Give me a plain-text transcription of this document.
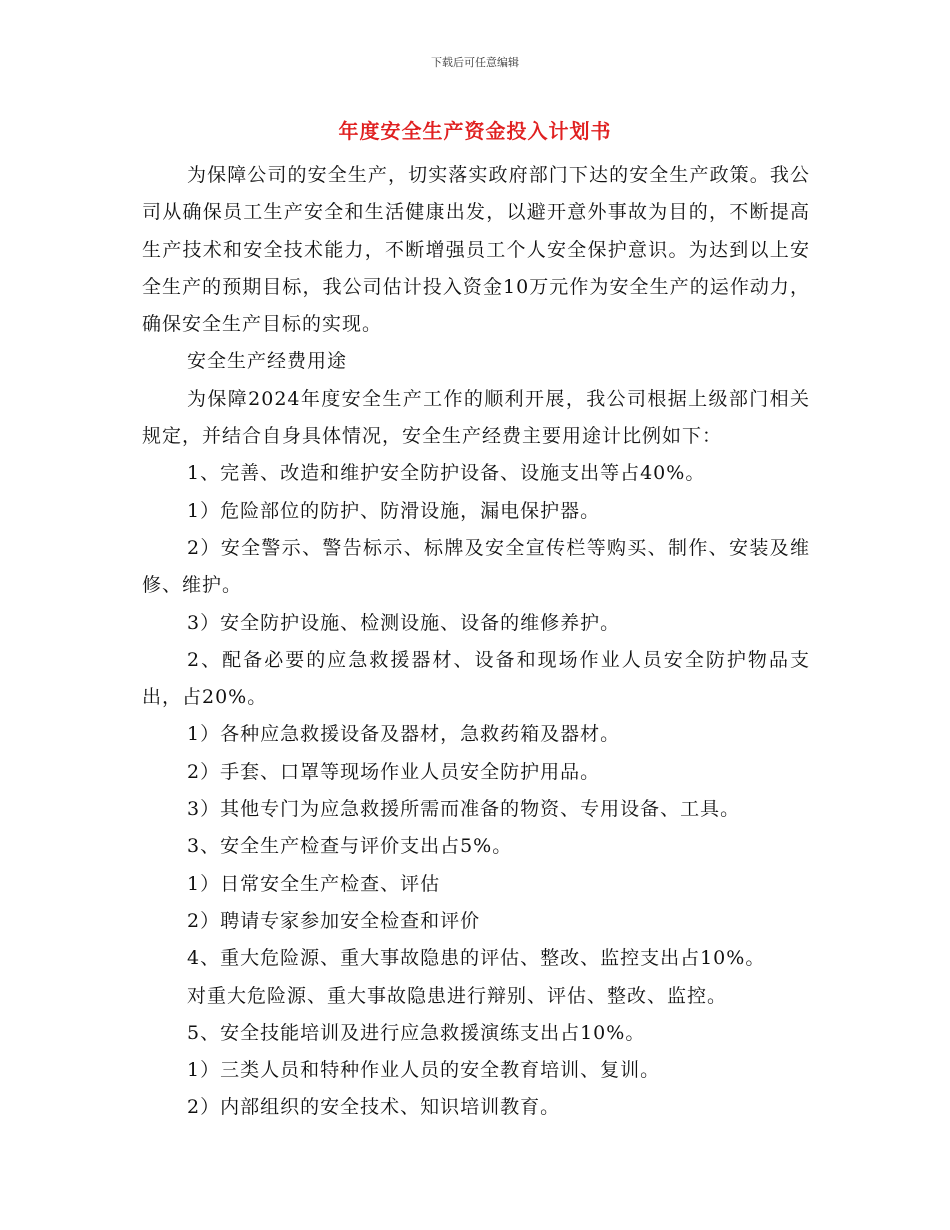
下载后可任意编辑
年度安全生产资金投入计划书

为保障公司的安全生产，切实落实政府部门下达的安全生产政策。我公司从确保员工生产安全和生活健康出发，以避开意外事故为目的，不断提高生产技术和安全技术能力，不断增强员工个人安全保护意识。为达到以上安全生产的预期目标，我公司估计投入资金10万元作为安全生产的运作动力，确保安全生产目标的实现。

安全生产经费用途

为保障2024年度安全生产工作的顺利开展，我公司根据上级部门相关规定，并结合自身具体情况，安全生产经费主要用途计比例如下：

1、完善、改造和维护安全防护设备、设施支出等占40%。

1）危险部位的防护、防滑设施，漏电保护器。

2）安全警示、警告标示、标牌及安全宣传栏等购买、制作、安装及维修、维护。

3）安全防护设施、检测设施、设备的维修养护。

2、配备必要的应急救援器材、设备和现场作业人员安全防护物品支出，占20%。

1）各种应急救援设备及器材，急救药箱及器材。

2）手套、口罩等现场作业人员安全防护用品。

3）其他专门为应急救援所需而准备的物资、专用设备、工具。

3、安全生产检查与评价支出占5%。

1）日常安全生产检查、评估

2）聘请专家参加安全检查和评价

4、重大危险源、重大事故隐患的评估、整改、监控支出占10%。

对重大危险源、重大事故隐患进行辩别、评估、整改、监控。

5、安全技能培训及进行应急救援演练支出占10%。

1）三类人员和特种作业人员的安全教育培训、复训。

2）内部组织的安全技术、知识培训教育。
